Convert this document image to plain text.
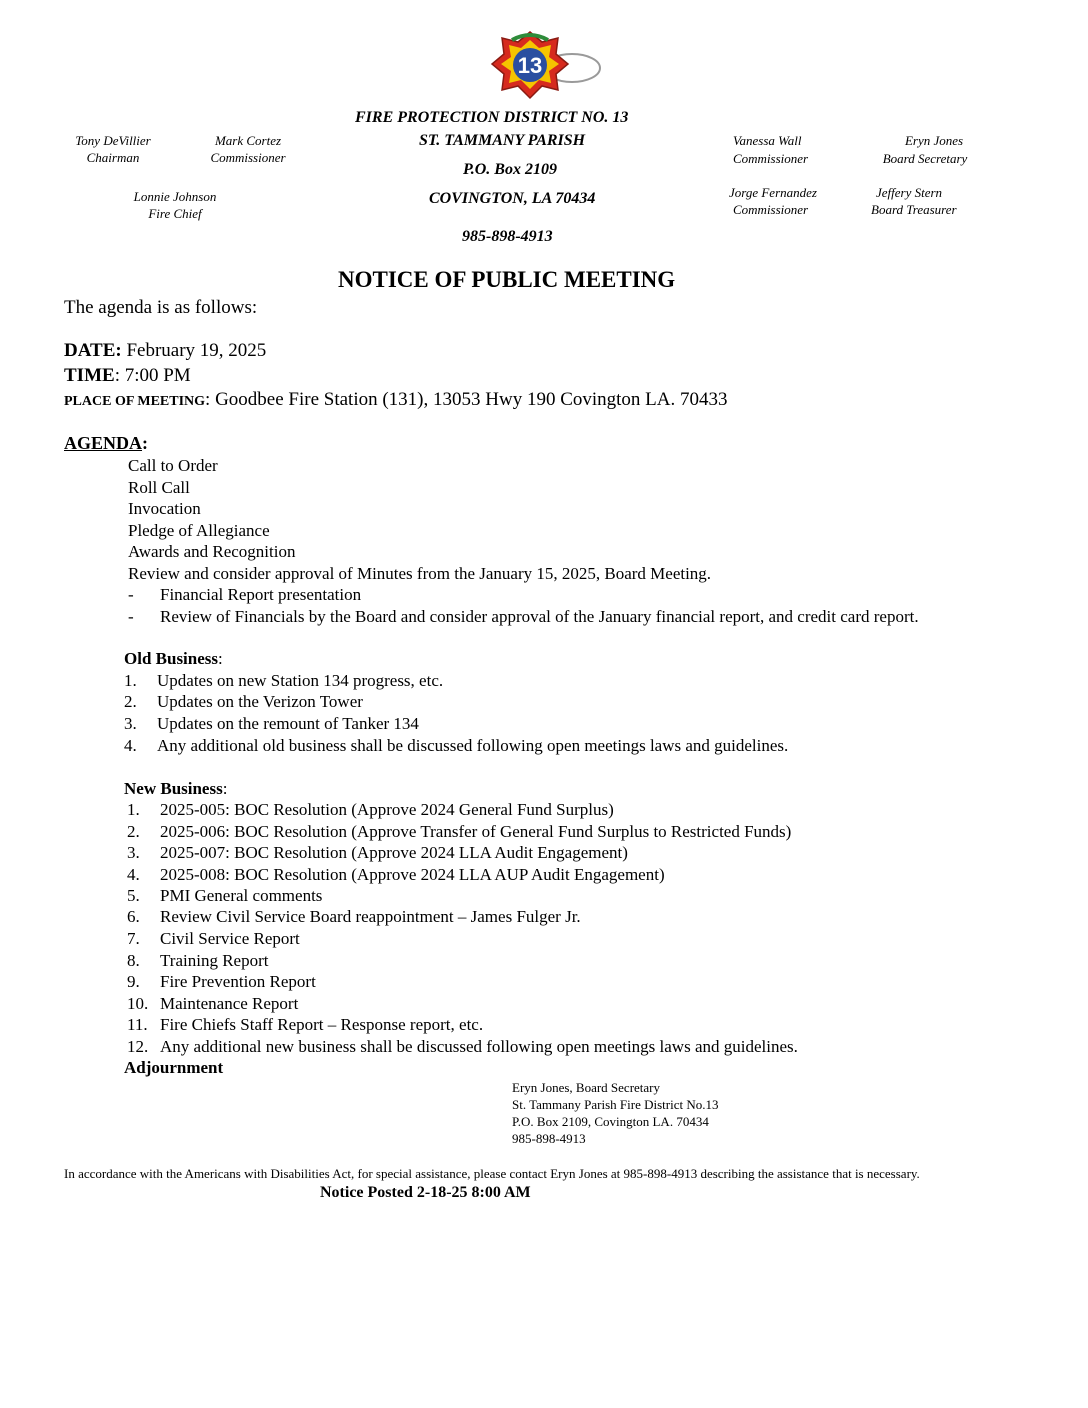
13
FIRE PROTECTION DISTRICT NO. 13
ST. TAMMANY PARISH
P.O. Box 2109
COVINGTON, LA 70434
985-898-4913
Tony DeVillier
Chairman
Mark Cortez
Commissioner
Lonnie Johnson
Fire Chief
Vanessa Wall
Commissioner
Eryn Jones
Board Secretary
Jorge Fernandez
Commissioner
Jeffery Stern
Board Treasurer
NOTICE OF PUBLIC MEETING
The agenda is as follows:
DATE: February 19, 2025
TIME: 7:00 PM
PLACE OF MEETING: Goodbee Fire Station (131), 13053 Hwy 190 Covington LA. 70433
AGENDA:
Call to Order
Roll Call
Invocation
Pledge of Allegiance
Awards and Recognition
Review and consider approval of Minutes from the January 15, 2025, Board Meeting.
- Financial Report presentation
- Review of Financials by the Board and consider approval of the January financial report, and credit card report.
Old Business:
1. Updates on new Station 134 progress, etc.
2. Updates on the Verizon Tower
3. Updates on the remount of Tanker 134
4. Any additional old business shall be discussed following open meetings laws and guidelines.
New Business:
1. 2025-005: BOC Resolution (Approve 2024 General Fund Surplus)
2. 2025-006: BOC Resolution (Approve Transfer of General Fund Surplus to Restricted Funds)
3. 2025-007: BOC Resolution (Approve 2024 LLA Audit Engagement)
4. 2025-008: BOC Resolution (Approve 2024 LLA AUP Audit Engagement)
5. PMI General comments
6. Review Civil Service Board reappointment – James Fulger Jr.
7. Civil Service Report
8. Training Report
9. Fire Prevention Report
10. Maintenance Report
11. Fire Chiefs Staff Report – Response report, etc.
12. Any additional new business shall be discussed following open meetings laws and guidelines.
Adjournment
Eryn Jones, Board Secretary
St. Tammany Parish Fire District No.13
P.O. Box 2109, Covington LA. 70434
985-898-4913
In accordance with the Americans with Disabilities Act, for special assistance, please contact Eryn Jones at 985-898-4913 describing the assistance that is necessary.
Notice Posted 2-18-25 8:00 AM
